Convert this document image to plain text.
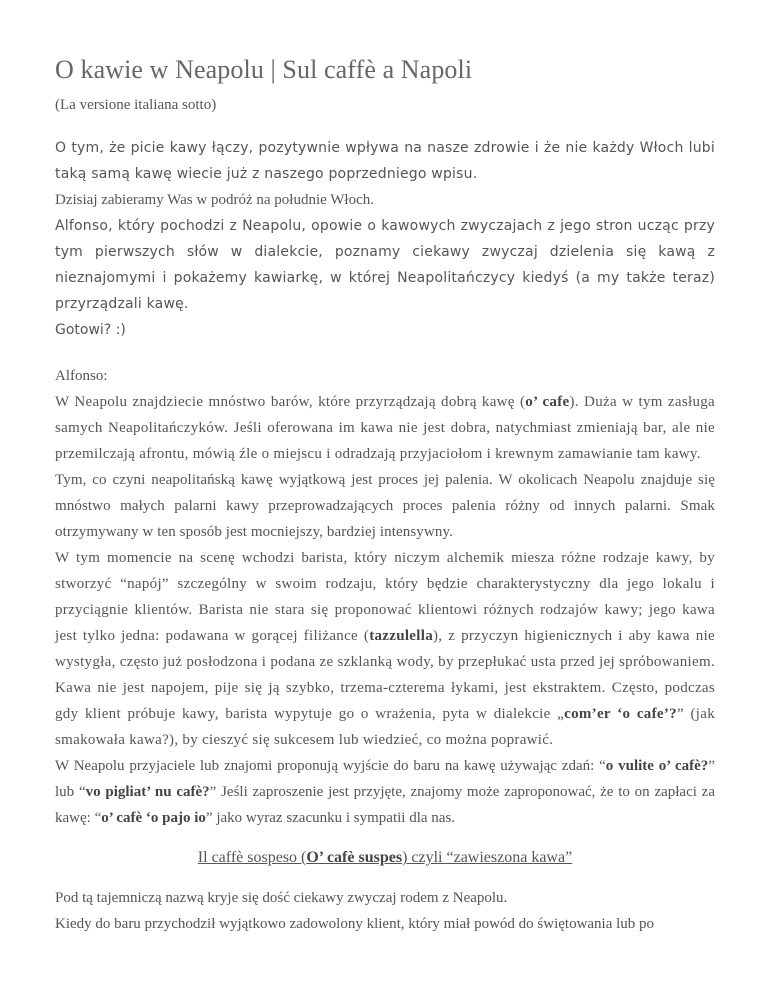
O kawie w Neapolu | Sul caffè a Napoli

(La versione italiana sotto)

O tym, że picie kawy łączy, pozytywnie wpływa na nasze zdrowie i że nie każdy Włoch lubi taką samą kawę wiecie już z naszego poprzedniego wpisu.

Dzisiaj zabieramy Was w podróż na południe Włoch.

Alfonso, który pochodzi z Neapolu, opowie o kawowych zwyczajach z jego stron ucząc przy tym pierwszych słów w dialekcie, poznamy ciekawy zwyczaj dzielenia się kawą z nieznajomymi i pokażemy kawiarkę, w której Neapolitańczycy kiedyś (a my także teraz) przyrządzali kawę.

Gotowi? :)

Alfonso:

W Neapolu znajdziecie mnóstwo barów, które przyrządzają dobrą kawę (o’ cafe). Duża w tym zasługa samych Neapolitańczyków. Jeśli oferowana im kawa nie jest dobra, natychmiast zmieniają bar, ale nie przemilczają afrontu, mówią źle o miejscu i odradzają przyjaciołom i krewnym zamawianie tam kawy.

Tym, co czyni neapolitańską kawę wyjątkową jest proces jej palenia. W okolicach Neapolu znajduje się mnóstwo małych palarni kawy przeprowadzających proces palenia różny od innych palarni. Smak otrzymywany w ten sposób jest mocniejszy, bardziej intensywny.

W tym momencie na scenę wchodzi barista, który niczym alchemik miesza różne rodzaje kawy, by stworzyć “napój” szczególny w swoim rodzaju, który będzie charakterystyczny dla jego lokalu i przyciągnie klientów. Barista nie stara się proponować klientowi różnych rodzajów kawy; jego kawa jest tylko jedna: podawana w gorącej filiżance (tazzulella), z przyczyn higienicznych i aby kawa nie wystygła, często już posłodzona i podana ze szklanką wody, by przepłukać usta przed jej spróbowaniem. Kawa nie jest napojem, pije się ją szybko, trzema-czterema łykami, jest ekstraktem. Często, podczas gdy klient próbuje kawy, barista wypytuje go o wrażenia, pyta w dialekcie „com’er ‘o cafe’?” (jak smakowała kawa?), by cieszyć się sukcesem lub wiedzieć, co można poprawić.

W Neapolu przyjaciele lub znajomi proponują wyjście do baru na kawę używając zdań: “o vulite o’ cafè?” lub “vo pigliat’ nu cafè?” Jeśli zaproszenie jest przyjęte, znajomy może zaproponować, że to on zapłaci za kawę: “o’ cafè ‘o pajo io” jako wyraz szacunku i sympatii dla nas.

Il caffè sospeso (O’ cafè suspes) czyli “zawieszona kawa”

Pod tą tajemniczą nazwą kryje się dość ciekawy zwyczaj rodem z Neapolu.

Kiedy do baru przychodził wyjątkowo zadowolony klient, który miał powód do świętowania lub po
